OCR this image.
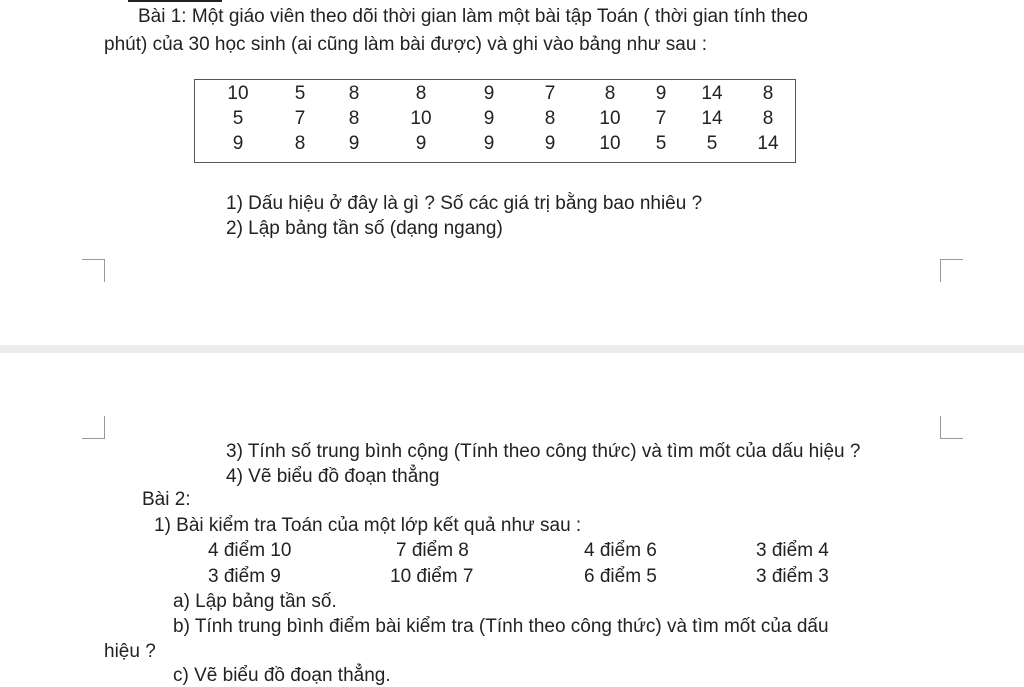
Bài 1: Một giáo viên theo dõi thời gian làm một bài tập Toán ( thời gian tính theo
phút) của 30 học sinh (ai cũng làm bài được) và ghi vào bảng như sau :
10	5	8	8	9	7	8	9	14	8
5	7	8	10	9	8	10	7	14	8
9	8	9	9	9	9	10	5	5	14
1) Dấu hiệu ở đây là gì ? Số các giá trị bằng bao nhiêu ?
2) Lập bảng tần số (dạng ngang)
3) Tính số trung bình cộng (Tính theo công thức) và tìm mốt của dấu hiệu ?
4) Vẽ biểu đồ đoạn thẳng
Bài 2:
1) Bài kiểm tra Toán của một lớp kết quả như sau :
4 điểm 10	7 điểm 8	4 điểm 6	3 điểm 4
3 điểm 9	10 điểm 7	6 điểm 5	3 điểm 3
a) Lập bảng tần số.
b) Tính trung bình điểm bài kiểm tra (Tính theo công thức) và tìm mốt của dấu
hiệu ?
c) Vẽ biểu đồ đoạn thẳng.
